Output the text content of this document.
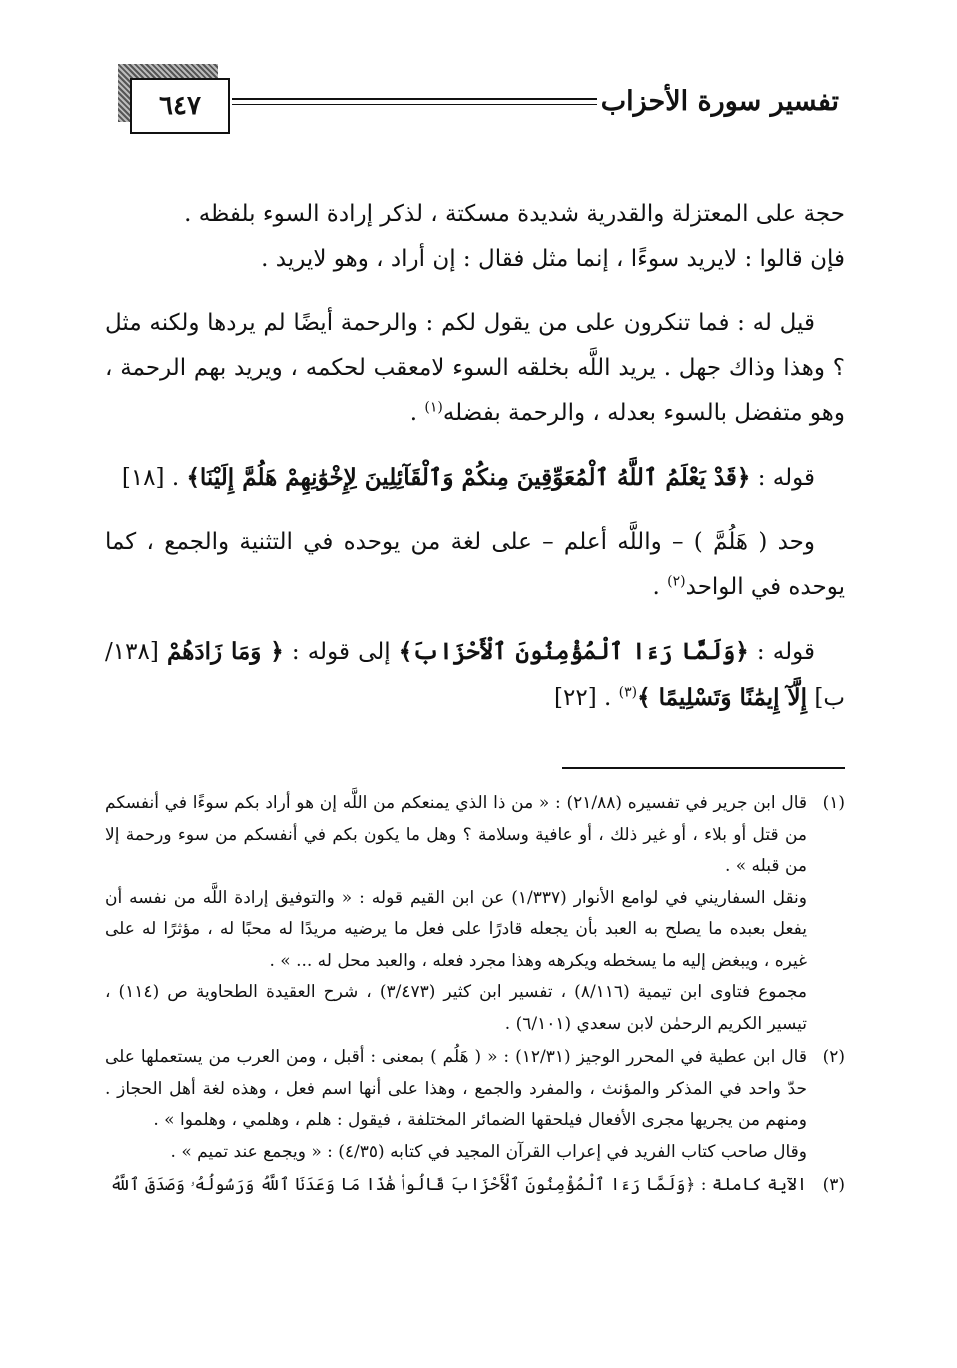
تفسير سورة الأحزاب
٦٤٧

حجة على المعتزلة والقدرية شديدة مسكتة ، لذكر إرادة السوء بلفظه .

فإن قالوا : لايريد سوءًا ، إنما مثل فقال : إن أراد ، وهو لايريد .

قيل له : فما تنكرون على من يقول لكم : والرحمة أيضًا لم يردها ولكنه مثل ؟ وهذا وذاك جهل . يريد اللَّه بخلقه السوء لامعقب لحكمه ، ويريد بهم الرحمة ، وهو متفضل بالسوء بعدله ، والرحمة بفضله$^{(١)}$ .

قوله : ﴿قَدْ يَعْلَمُ ٱللَّهُ ٱلْمُعَوِّقِينَ مِنكُمْ وَٱلْقَآئِلِينَ لِإِخْوَٰنِهِمْ هَلُمَّ إِلَيْنَا﴾ . [١٨]

وحد ( هَلُمَّ ) – واللَّه أعلم – على لغة من يوحده في التثنية والجمع ، كما يوحده في الواحد$^{(٢)}$ .

قوله : ﴿وَلَمَّا رَءَا ٱلْمُؤْمِنُونَ ٱلْأَحْزَابَ﴾ إلى قوله : ﴿ وَمَا زَادَهُمْ [١٣٨/ب] إِلَّآ إِيمَٰنًا وَتَسْلِيمًا ﴾$^{(٣)}$ . [٢٢]

(١)

قال ابن جرير في تفسيره (٢١/٨٨) : « من ذا الذي يمنعكم من اللَّه إن هو أراد بكم سوءًا في أنفسكم من قتل أو بلاء ، أو غير ذلك ، أو عافية وسلامة ؟ وهل ما يكون بكم في أنفسكم من سوء ورحمة إلا من قبله » .

ونقل السفاريني في لوامع الأنوار (١/٣٣٧) عن ابن القيم قوله : « والتوفيق إرادة اللَّه من نفسه أن يفعل بعبده ما يصلح به العبد بأن يجعله قادرًا على فعل ما يرضيه مريدًا له محبًا له ، مؤثرًا له على غيره ، ويبغض إليه ما يسخطه ويكرهه وهذا مجرد فعله ، والعبد محل له ... » .

مجموع فتاوى ابن تيمية (٨/١١٦) ، تفسير ابن كثير (٣/٤٧٣) ، شرح العقيدة الطحاوية ص (١١٤) ، تيسير الكريم الرحمٰن لابن سعدي (٦/١٠١) .

(٢)

قال ابن عطية في المحرر الوجيز (١٢/٣١) : « ( هَلُم ) بمعنى : أقبل ، ومن العرب من يستعملها على حدّ واحد في المذكر والمؤنث ، والمفرد والجمع ، وهذا على أنها اسم فعل ، وهذه لغة أهل الحجاز . ومنهم من يجريها مجرى الأفعال فيلحقها الضمائر المختلفة ، فيقول : هلم ، وهلمي ، وهلموا » .

وقال صاحب كتاب الفريد في إعراب القرآن المجيد في كتابه (٤/٣٥) : « ويجمع عند تميم » .

(٣)

الآية كاملة : ﴿وَلَمَّا رَءَا ٱلْمُؤْمِنُونَ ٱلْأَحْزَابَ قَالُوا۟ هَٰذَا مَا وَعَدَنَا ٱللَّهُ وَرَسُولُهُۥ وَصَدَقَ ٱللَّهُ
